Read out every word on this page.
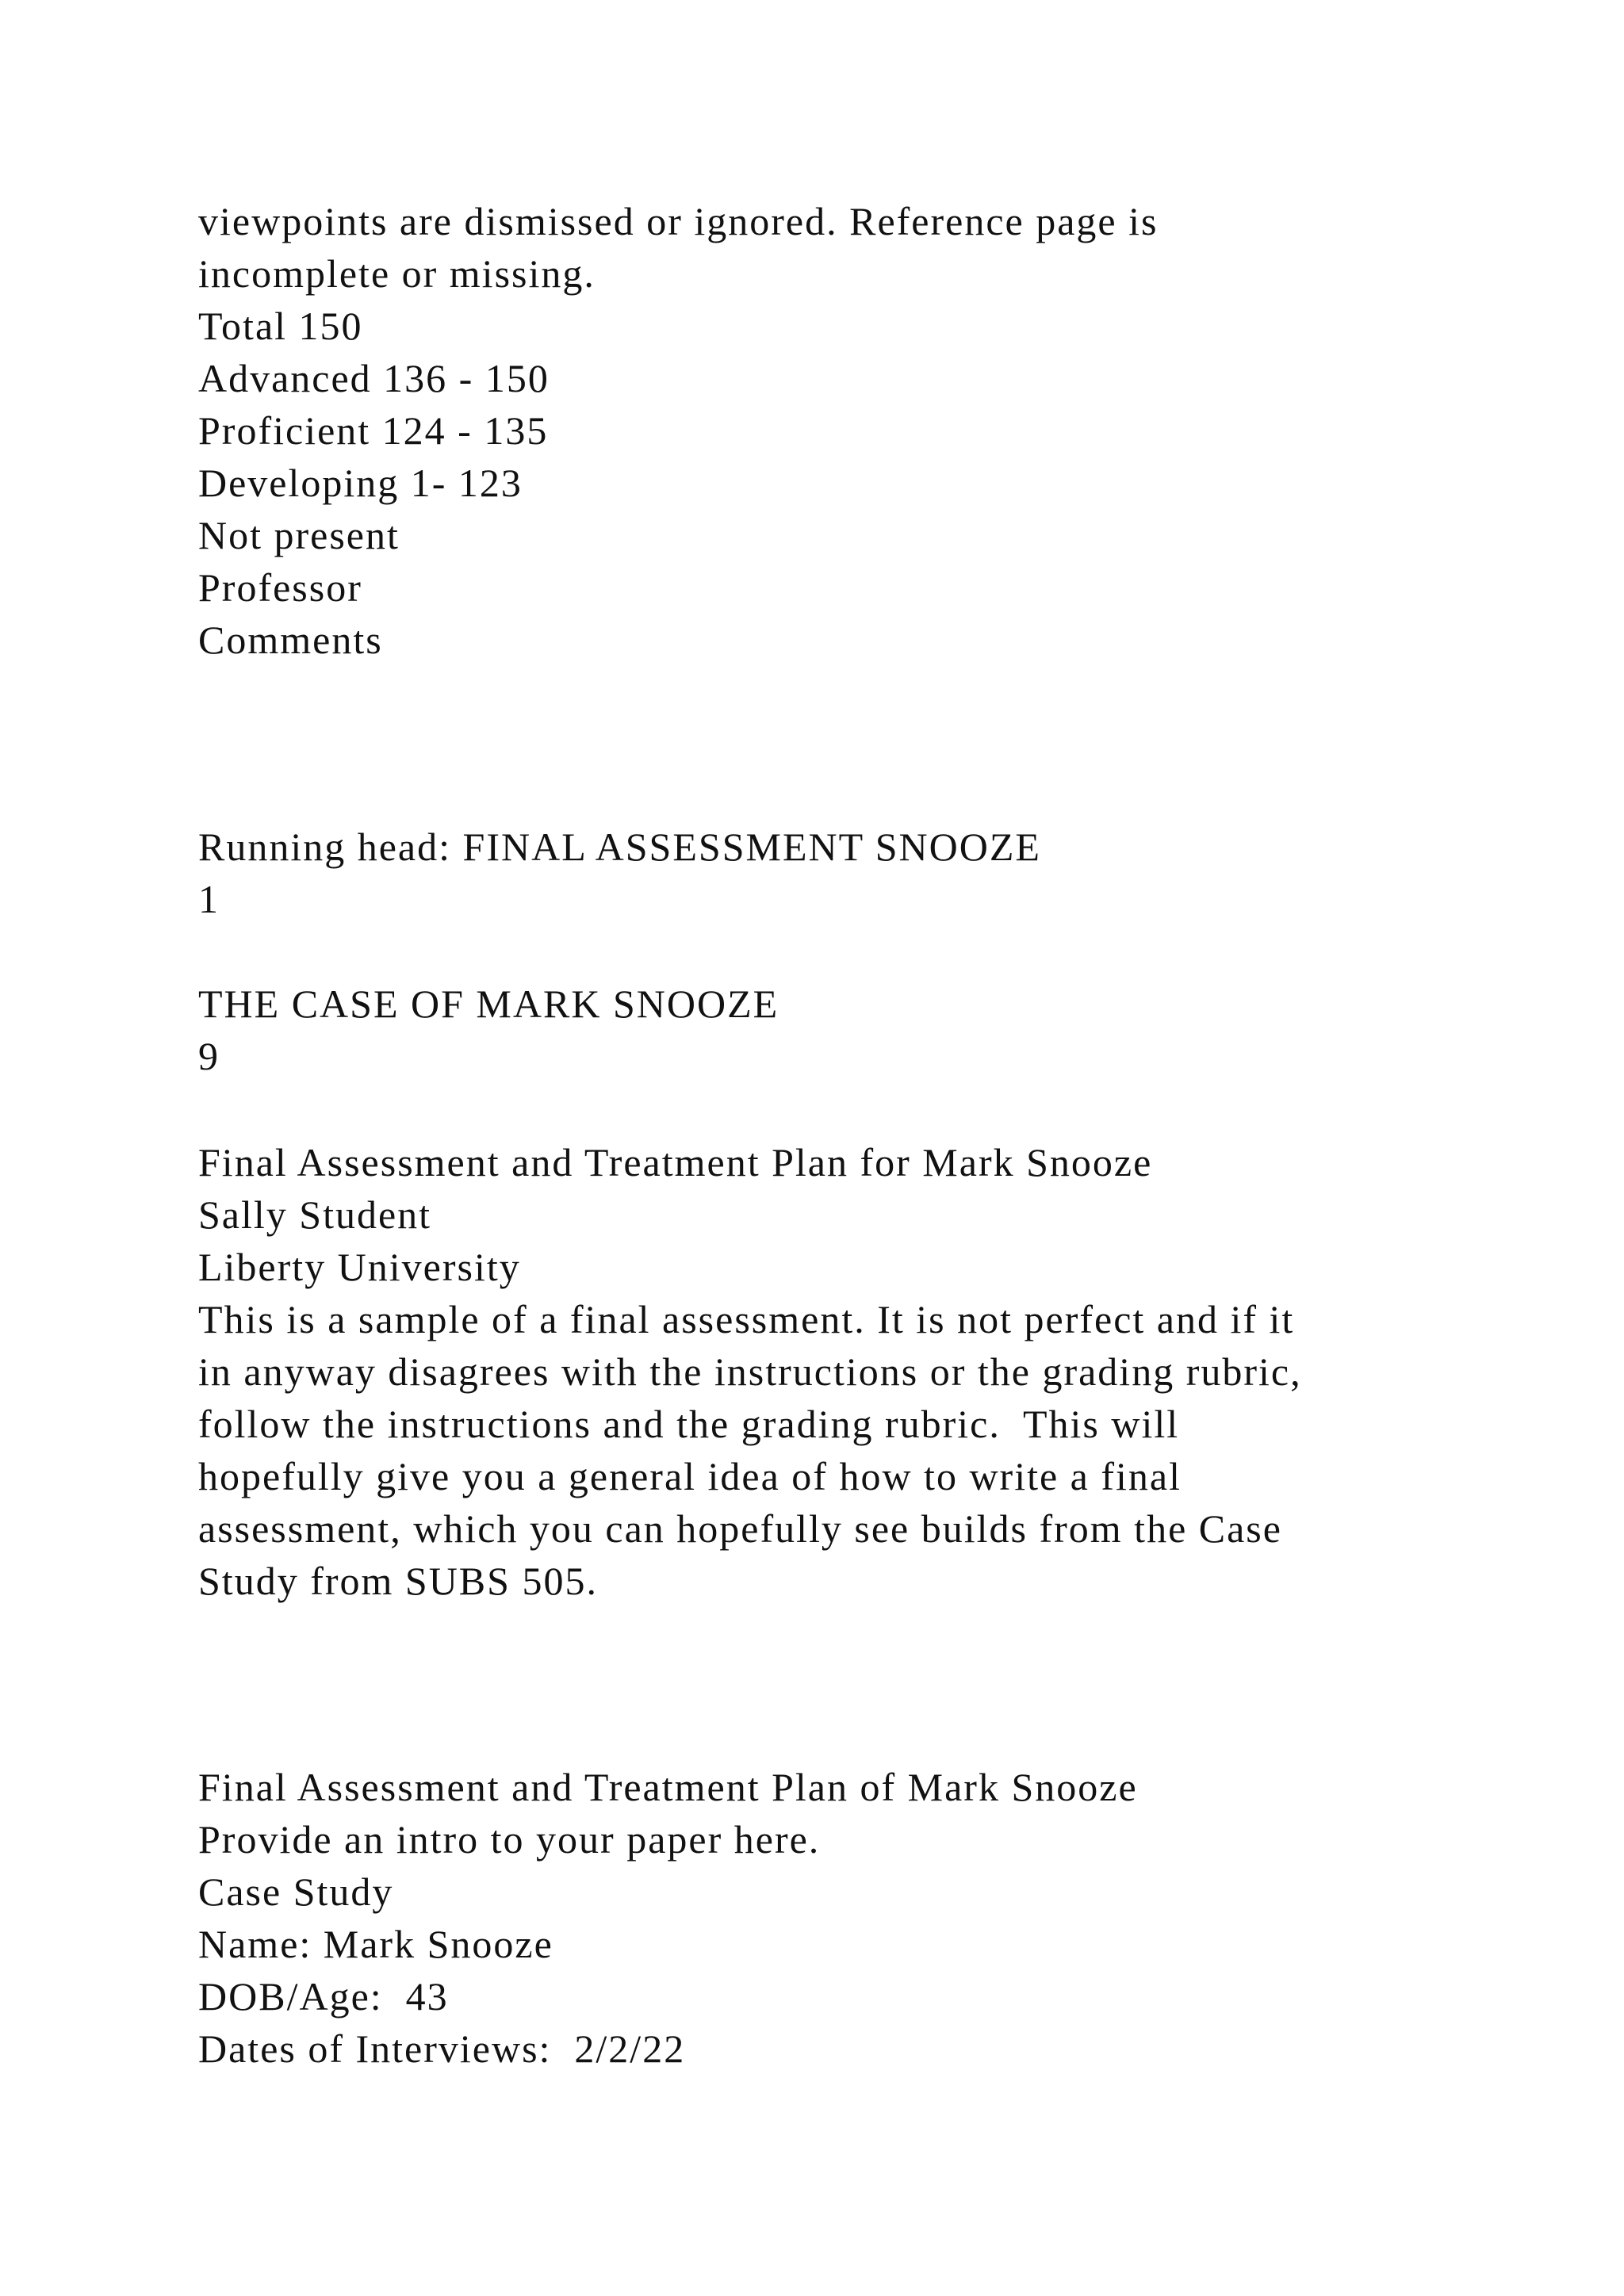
viewpoints are dismissed or ignored. Reference page is
incomplete or missing.
Total 150
Advanced 136 - 150
Proficient 124 - 135
Developing 1- 123
Not present
Professor
Comments
Running head: FINAL ASSESSMENT SNOOZE
1

THE CASE OF MARK SNOOZE
9

Final Assessment and Treatment Plan for Mark Snooze
Sally Student
Liberty University
This is a sample of a final assessment. It is not perfect and if it
in anyway disagrees with the instructions or the grading rubric,
follow the instructions and the grading rubric.  This will
hopefully give you a general idea of how to write a final
assessment, which you can hopefully see builds from the Case
Study from SUBS 505.
Final Assessment and Treatment Plan of Mark Snooze
Provide an intro to your paper here.
Case Study
Name: Mark Snooze
DOB/Age:  43
Dates of Interviews:  2/2/22
